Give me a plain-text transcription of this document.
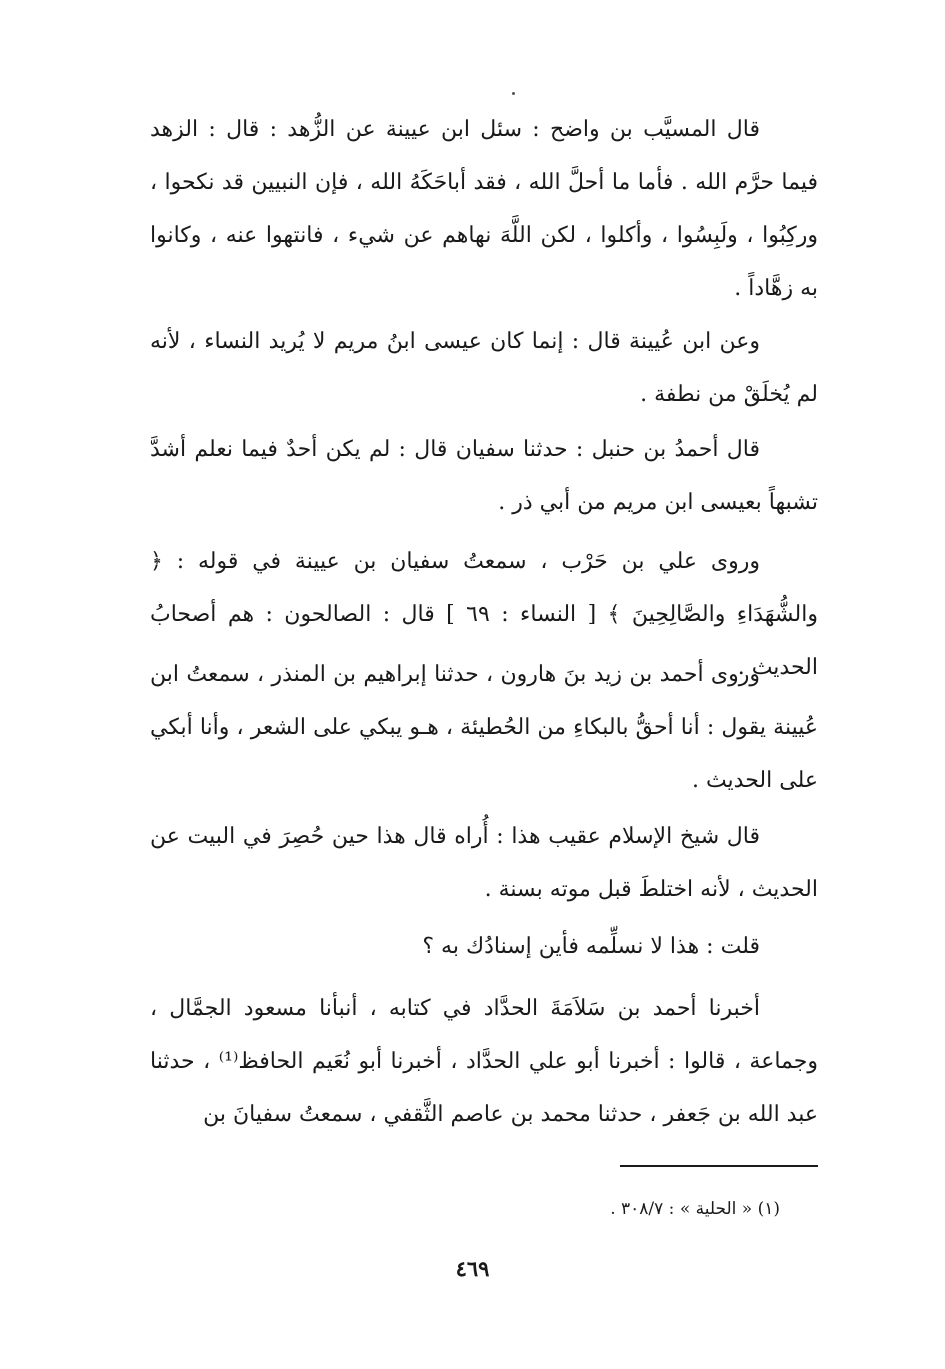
قال المسيَّب بن واضح : سئل ابن عيينة عن الزُّهد : قال : الزهد فيما حرَّم الله . فأما ما أحلَّ الله ، فقد أباحَكَهُ الله ، فإن النبيين قد نكحوا ، وركِبُوا ، ولَبِسُوا ، وأكلوا ، لكن اللَّهَ نهاهم عن شيء ، فانتهوا عنه ، وكانوا به زهَّاداً .

وعن ابن عُيينة قال : إنما كان عيسى ابنُ مريم لا يُريد النساء ، لأنه لم يُخلَقْ من نطفة .

قال أحمدُ بن حنبل : حدثنا سفيان قال : لم يكن أحدٌ فيما نعلم أشدَّ تشبهاً بعيسى ابن مريم من أبي ذر .

وروى علي بن حَرْب ، سمعتُ سفيان بن عيينة في قوله : ﴿ والشُّهَدَاءِ والصَّالِحِينَ ﴾ [ النساء : ٦٩ ] قال : الصالحون : هم أصحابُ الحديث .

وروى أحمد بن زيد بنَ هارون ، حدثنا إبراهيم بن المنذر ، سمعتُ ابن عُيينة يقول : أنا أحقُّ بالبكاءِ من الحُطيئة ، هـو يبكي على الشعر ، وأنا أبكي على الحديث .

قال شيخ الإسلام عقيب هذا : أُراه قال هذا حين حُصِرَ في البيت عن الحديث ، لأنه اختلطَ قبل موته بسنة .

قلت : هذا لا نسلِّمه فأين إسنادُك به ؟

أخبرنا أحمد بن سَلاَمَةَ الحدَّاد في كتابه ، أنبأنا مسعود الجمَّال ، وجماعة ، قالوا : أخبرنا أبو علي الحدَّاد ، أخبرنا أبو نُعَيم الحافظ⁽¹⁾ ، حدثنا عبد الله بن جَعفر ، حدثنا محمد بن عاصم الثَّقفي ، سمعتُ سفيانَ بن

(١) « الحلية » : ٣٠٨/٧ .
٤٦٩
